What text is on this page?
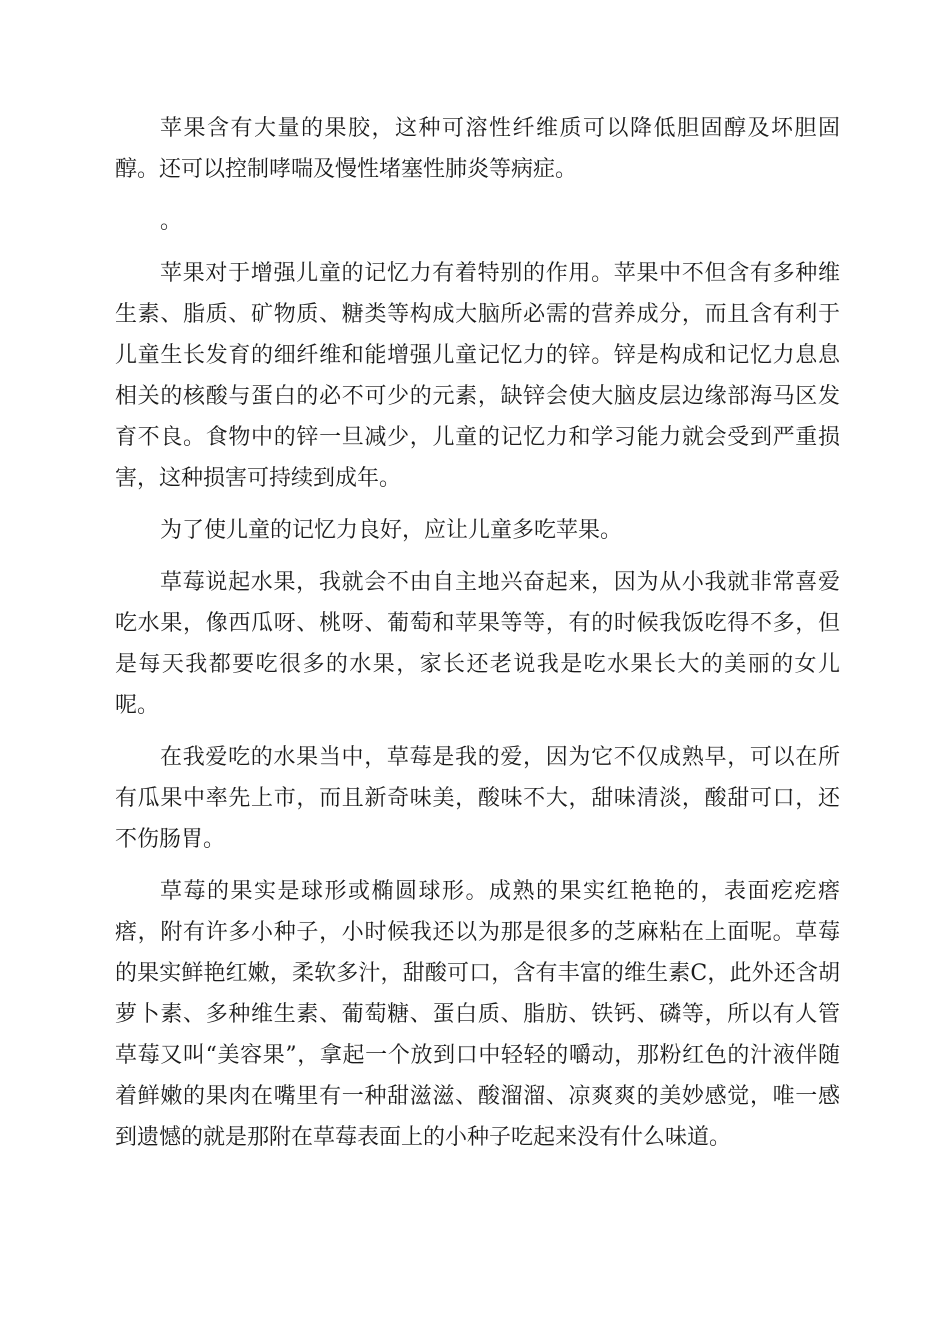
苹果含有大量的果胶，这种可溶性纤维质可以降低胆固醇及坏胆固醇。还可以控制哮喘及慢性堵塞性肺炎等病症。

。

苹果对于增强儿童的记忆力有着特别的作用。苹果中不但含有多种维生素、脂质、矿物质、糖类等构成大脑所必需的营养成分，而且含有利于儿童生长发育的细纤维和能增强儿童记忆力的锌。锌是构成和记忆力息息相关的核酸与蛋白的必不可少的元素，缺锌会使大脑皮层边缘部海马区发育不良。食物中的锌一旦减少，儿童的记忆力和学习能力就会受到严重损害，这种损害可持续到成年。

为了使儿童的记忆力良好，应让儿童多吃苹果。

草莓说起水果，我就会不由自主地兴奋起来，因为从小我就非常喜爱吃水果，像西瓜呀、桃呀、葡萄和苹果等等，有的时候我饭吃得不多，但是每天我都要吃很多的水果，家长还老说我是吃水果长大的美丽的女儿呢。

在我爱吃的水果当中，草莓是我的爱，因为它不仅成熟早，可以在所有瓜果中率先上市，而且新奇味美，酸味不大，甜味清淡，酸甜可口，还不伤肠胃。

草莓的果实是球形或椭圆球形。成熟的果实红艳艳的，表面疙疙瘩瘩，附有许多小种子，小时候我还以为那是很多的芝麻粘在上面呢。草莓的果实鲜艳红嫩，柔软多汁，甜酸可口，含有丰富的维生素C，此外还含胡萝卜素、多种维生素、葡萄糖、蛋白质、脂肪、铁钙、磷等，所以有人管草莓又叫“美容果”，拿起一个放到口中轻轻的嚼动，那粉红色的汁液伴随着鲜嫩的果肉在嘴里有一种甜滋滋、酸溜溜、凉爽爽的美妙感觉，唯一感到遗憾的就是那附在草莓表面上的小种子吃起来没有什么味道。
